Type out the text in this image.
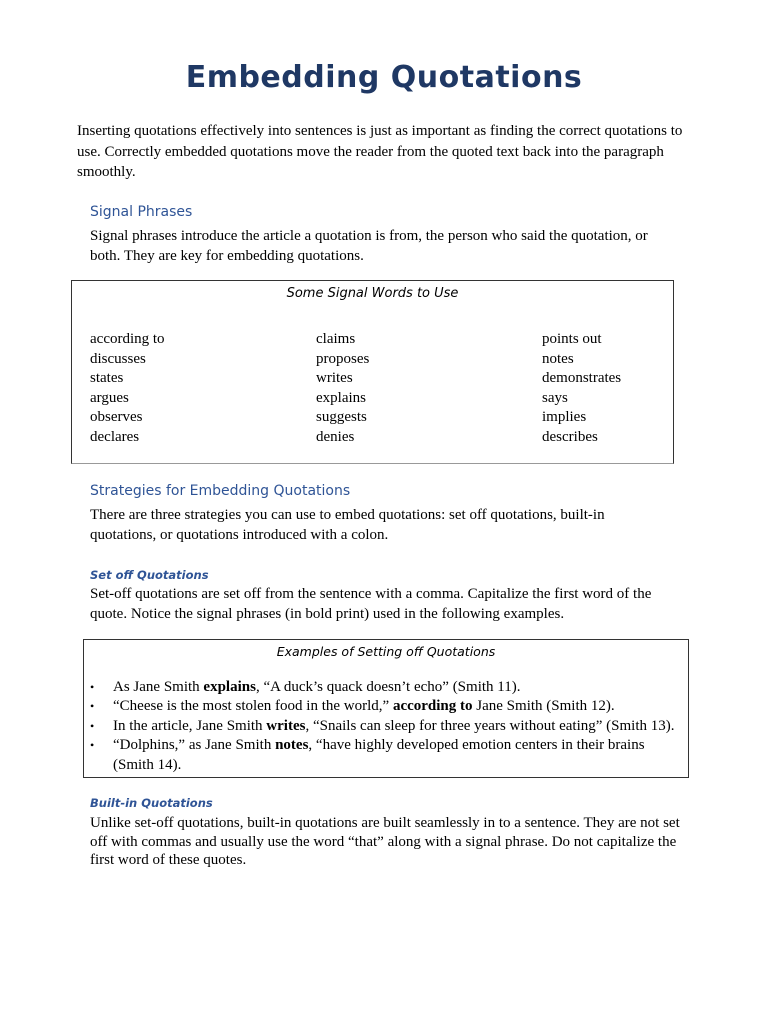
Embedding Quotations
Inserting quotations effectively into sentences is just as important as finding the correct quotations to use. Correctly embedded quotations move the reader from the quoted text back into the paragraph smoothly.
Signal Phrases
Signal phrases introduce the article a quotation is from, the person who said the quotation, or both. They are key for embedding quotations.
Some Signal Words to Use
according to
discusses
states
argues
observes
declares
claims
proposes
writes
explains
suggests
denies
points out
notes
demonstrates
says
implies
describes
Strategies for Embedding Quotations
There are three strategies you can use to embed quotations: set off quotations, built-in quotations, or quotations introduced with a colon.
Set off Quotations
Set-off quotations are set off from the sentence with a comma. Capitalize the first word of the quote. Notice the signal phrases (in bold print) used in the following examples.
Examples of Setting off Quotations
• As Jane Smith explains, “A duck’s quack doesn’t echo” (Smith 11).
• “Cheese is the most stolen food in the world,” according to Jane Smith (Smith 12).
• In the article, Jane Smith writes, “Snails can sleep for three years without eating” (Smith 13).
• “Dolphins,” as Jane Smith notes, “have highly developed emotion centers in their brains (Smith 14).
Built-in Quotations
Unlike set-off quotations, built-in quotations are built seamlessly in to a sentence. They are not set off with commas and usually use the word “that” along with a signal phrase. Do not capitalize the first word of these quotes.
